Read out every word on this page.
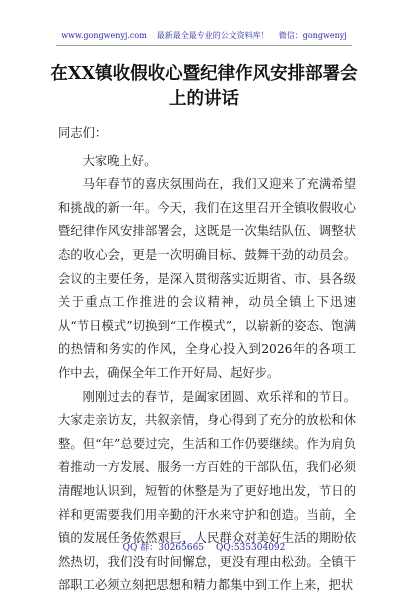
www.gongwenyj.com 最新最全最专业的公文资料库！ 微信：gongwenyj
在XX镇收假收心暨纪律作风安排部署会
上的讲话

同志们：

大家晚上好。

马年春节的喜庆氛围尚在，我们又迎来了充满希望和挑战的新一年。今天，我们在这里召开全镇收假收心暨纪律作风安排部署会，这既是一次集结队伍、调整状态的收心会，更是一次明确目标、鼓舞干劲的动员会。会议的主要任务，是深入贯彻落实近期省、市、县各级关于重点工作推进的会议精神，动员全镇上下迅速从“节日模式”切换到“工作模式”，以崭新的姿态、饱满的热情和务实的作风，全身心投入到2026年的各项工作中去，确保全年工作开好局、起好步。

刚刚过去的春节，是阖家团圆、欢乐祥和的节日。大家走亲访友，共叙亲情，身心得到了充分的放松和休整。但“年”总要过完，生活和工作仍要继续。作为肩负着推动一方发展、服务一方百姓的干部队伍，我们必须清醒地认识到，短暂的休整是为了更好地出发，节日的祥和更需要我们用辛勤的汗水来守护和创造。当前，全镇的发展任务依然艰巨，人民群众对美好生活的期盼依然热切，我们没有时间懈怠，更没有理由松劲。全镇干部职工必须立刻把思想和精力都集中到工作上来，把状

QQ 群：30265665 QQ:535304092
